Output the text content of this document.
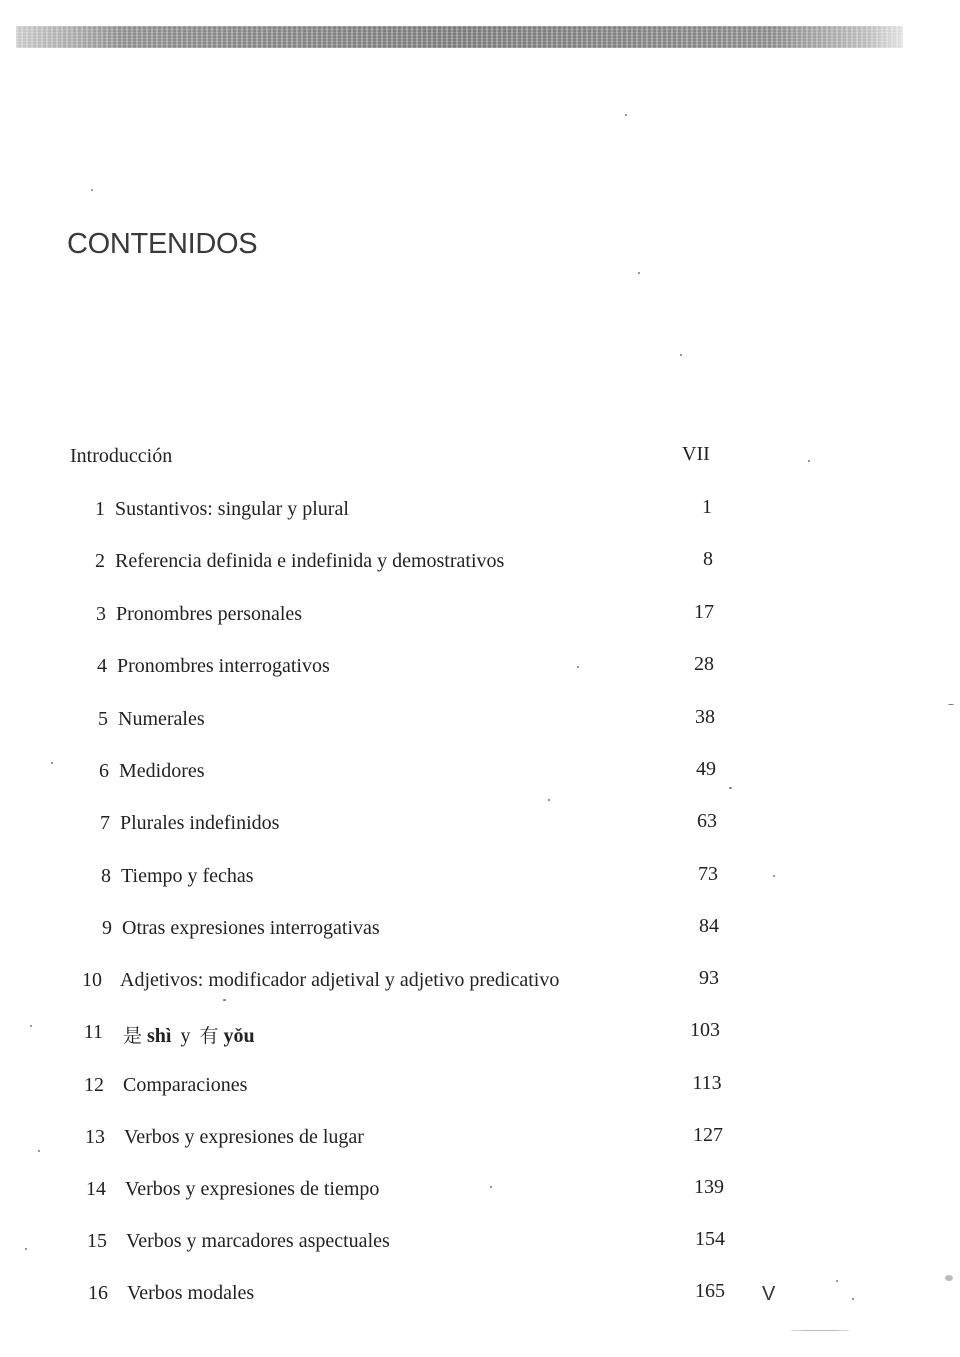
CONTENIDOS
Introducción	VII
1 Sustantivos: singular y plural	1
2 Referencia definida e indefinida y demostrativos	8
3 Pronombres personales	17
4 Pronombres interrogativos	28
5 Numerales	38
6 Medidores	49
7 Plurales indefinidos	63
8 Tiempo y fechas	73
9 Otras expresiones interrogativas	84
10 Adjetivos: modificador adjetival y adjetivo predicativo	93
11 是 shì y 有 yǒu	103
12 Comparaciones	113
13 Verbos y expresiones de lugar	127
14 Verbos y expresiones de tiempo	139
15 Verbos y marcadores aspectuales	154
16 Verbos modales	165	V
